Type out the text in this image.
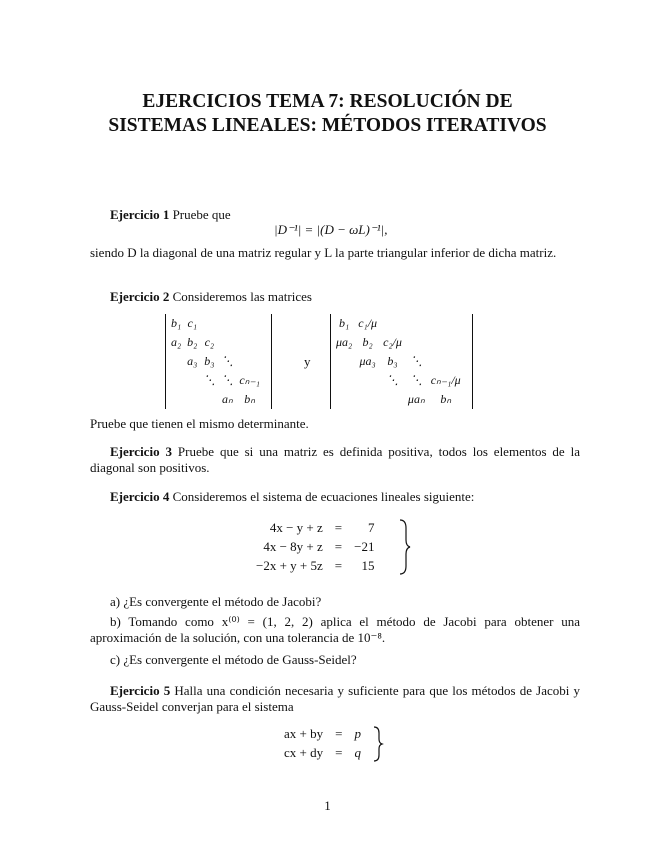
EJERCICIOS TEMA 7: RESOLUCIÓN DE
SISTEMAS LINEALES: MÉTODOS ITERATIVOS
Ejercicio 1 Pruebe que
|D⁻¹| = |(D − ωL)⁻¹|,
siendo D la diagonal de una matriz regular y L la parte triangular inferior de dicha matriz.
Ejercicio 2 Consideremos las matrices
b₁	c₁				
a₂	b₂	c₂			
	a₃	b₃	⋱		
		⋱	⋱	cₙ₋₁	
			aₙ	bₙ	
y
b₁	c₁/μ				
μa₂	b₂	c₂/μ			
	μa₃	b₃	⋱		
		⋱	⋱	cₙ₋₁/μ	
			μaₙ	bₙ	
Pruebe que tienen el mismo determinante.
Ejercicio 3 Pruebe que si una matriz es definida positiva, todos los elementos de la diagonal son positivos.
Ejercicio 4 Consideremos el sistema de ecuaciones lineales siguiente:
4x − y + z	=	7
4x − 8y + z	=	−21
−2x + y + 5z	=	15
a) ¿Es convergente el método de Jacobi?
b) Tomando como x⁽⁰⁾ = (1, 2, 2) aplica el método de Jacobi para obtener una aproximación de la solución, con una tolerancia de 10⁻⁸.
c) ¿Es convergente el método de Gauss-Seidel?
Ejercicio 5 Halla una condición necesaria y suficiente para que los métodos de Jacobi y Gauss-Seidel converjan para el sistema
ax + by	=	p
cx + dy	=	q
1
